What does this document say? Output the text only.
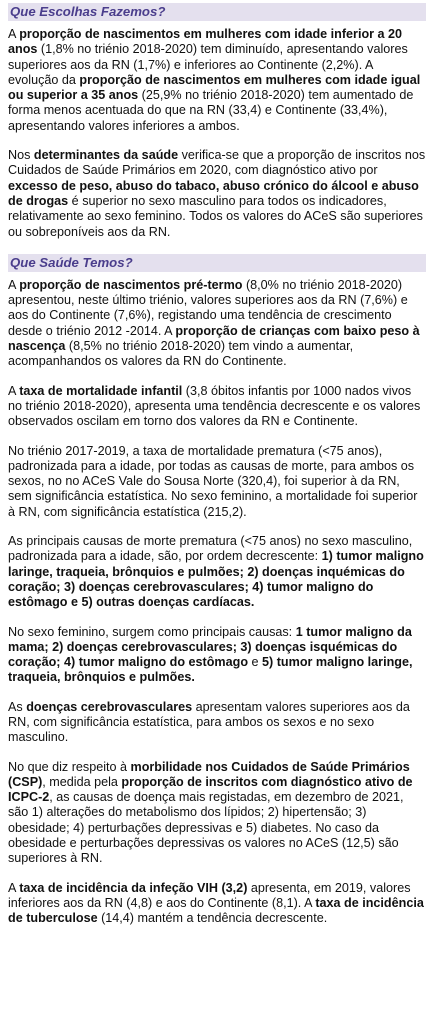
Que Escolhas Fazemos?

A proporção de nascimentos em mulheres com idade inferior a 20 anos (1,8% no triénio 2018-2020) tem diminuído, apresentando valores superiores aos da RN (1,7%) e inferiores ao Continente (2,2%). A evolução da proporção de nascimentos em mulheres com idade igual ou superior a 35 anos (25,9% no triénio 2018-2020) tem aumentado de forma menos acentuada do que na RN (33,4) e Continente (33,4%), apresentando valores inferiores a ambos.

Nos determinantes da saúde verifica-se que a proporção de inscritos nos Cuidados de Saúde Primários em 2020, com diagnóstico ativo por excesso de peso, abuso do tabaco, abuso crónico do álcool e abuso de drogas é superior no sexo masculino para todos os indicadores, relativamente ao sexo feminino. Todos os valores do ACeS são superiores ou sobreponíveis aos da RN.

Que Saúde Temos?

A proporção de nascimentos pré-termo (8,0% no triénio 2018-2020) apresentou, neste último triénio, valores superiores aos da RN (7,6%) e aos do Continente (7,6%), registando uma tendência de crescimento desde o triénio 2012 -2014. A proporção de crianças com baixo peso à nascença (8,5% no triénio 2018-2020) tem vindo a aumentar, acompanhandos os valores da RN do Continente.

A taxa de mortalidade infantil (3,8 óbitos infantis por 1000 nados vivos no triénio 2018-2020), apresenta uma tendência decrescente e os valores observados oscilam em torno dos valores da RN e Continente.

No triénio 2017-2019, a taxa de mortalidade prematura (<75 anos), padronizada para a idade, por todas as causas de morte, para ambos os sexos, no no ACeS Vale do Sousa Norte (320,4), foi superior à da RN, sem significância estatística. No sexo feminino, a mortalidade foi superior à RN, com significância estatística (215,2).

As principais causas de morte prematura (<75 anos) no sexo masculino, padronizada para a idade, são, por ordem decrescente: 1) tumor maligno laringe, traqueia, brônquios e pulmões; 2) doenças inquémicas do coração; 3) doenças cerebrovasculares; 4) tumor maligno do estômago e 5) outras doenças cardíacas.

No sexo feminino, surgem como principais causas: 1 tumor maligno da mama; 2) doenças cerebrovasculares; 3) doenças isquémicas do coração; 4) tumor maligno do estômago e 5) tumor maligno laringe, traqueia, brônquios e pulmões.

As doenças cerebrovasculares apresentam valores superiores aos da RN, com significância estatística, para ambos os sexos e no sexo masculino.

No que diz respeito à morbilidade nos Cuidados de Saúde Primários (CSP), medida pela proporção de inscritos com diagnóstico ativo de ICPC-2, as causas de doença mais registadas, em dezembro de 2021, são 1) alterações do metabolismo dos lípidos; 2) hipertensão; 3) obesidade; 4) perturbações depressivas e 5) diabetes. No caso da obesidade e perturbações depressivas os valores no ACeS (12,5) são superiores à RN.

A taxa de incidência da infeção VIH (3,2) apresenta, em 2019, valores inferiores aos da RN (4,8) e aos do Continente (8,1). A taxa de incidência de tuberculose (14,4) mantém a tendência decrescente.
